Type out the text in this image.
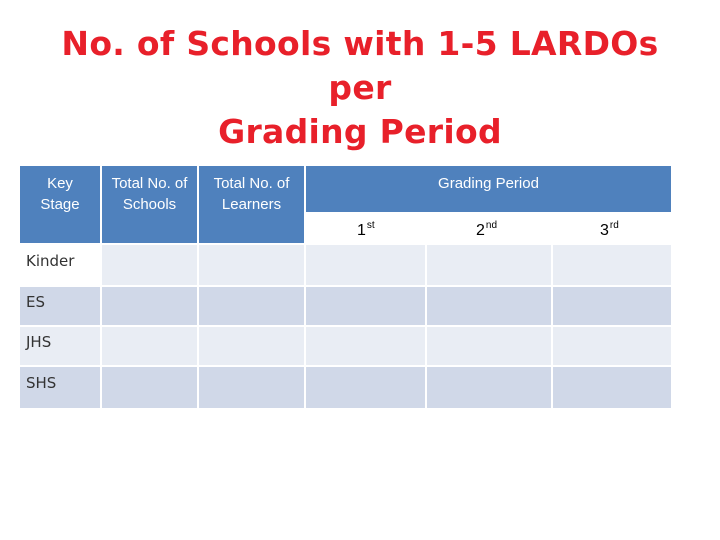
No. of Schools with 1-5 LARDOs per
Grading Period
Key Stage
Total No. of Schools
Total No. of Learners
Grading Period
1st	2nd	3rd
Kinder
ES
JHS
SHS
